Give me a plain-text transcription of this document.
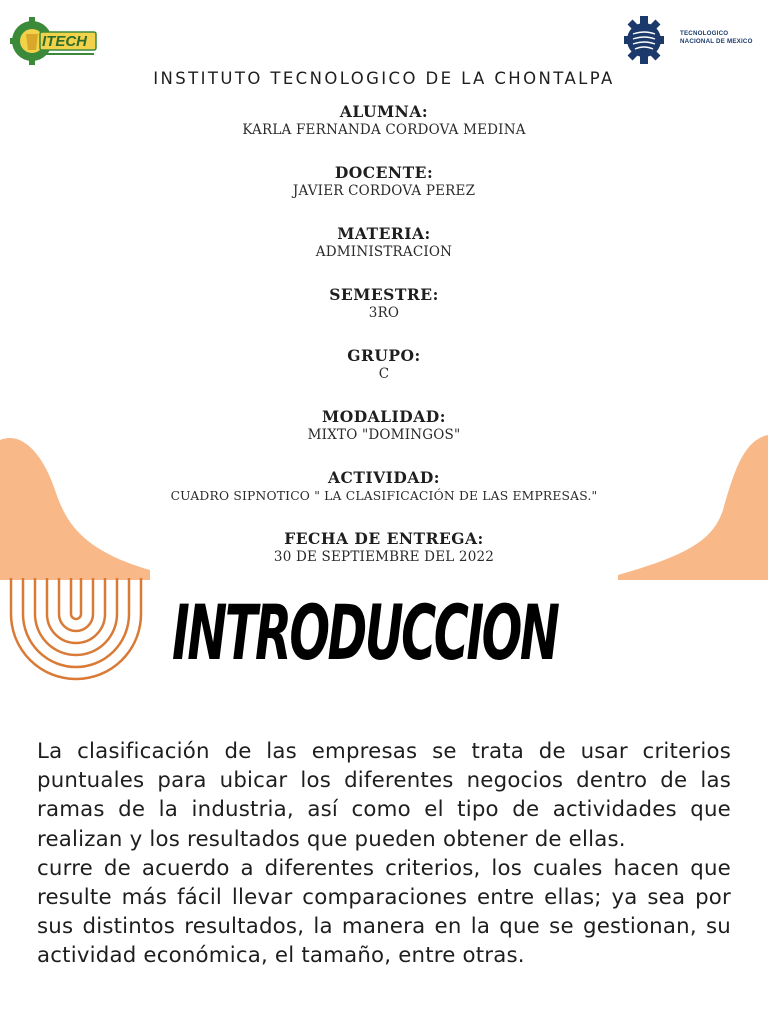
ITECH	TECNOLOGICO
NACIONAL DE MEXICO
INSTITUTO TECNOLOGICO DE LA CHONTALPA
ALUMNA:
KARLA FERNANDA CORDOVA MEDINA
DOCENTE:
JAVIER CORDOVA PEREZ
MATERIA:
ADMINISTRACION
SEMESTRE:
3RO
GRUPO:
C
MODALIDAD:
MIXTO "DOMINGOS"
ACTIVIDAD:
CUADRO SIPNOTICO " LA CLASIFICACIÓN DE LAS EMPRESAS."
FECHA DE ENTREGA:
30 DE SEPTIEMBRE DEL 2022
INTRODUCCION

La clasificación de las empresas se trata de usar criterios puntuales para ubicar los diferentes negocios dentro de las ramas de la industria, así como el tipo de actividades que realizan y los resultados que pueden obtener de ellas.

curre de acuerdo a diferentes criterios, los cuales hacen que resulte más fácil llevar comparaciones entre ellas; ya sea por sus distintos resultados, la manera en la que se gestionan, su actividad económica, el tamaño, entre otras.
